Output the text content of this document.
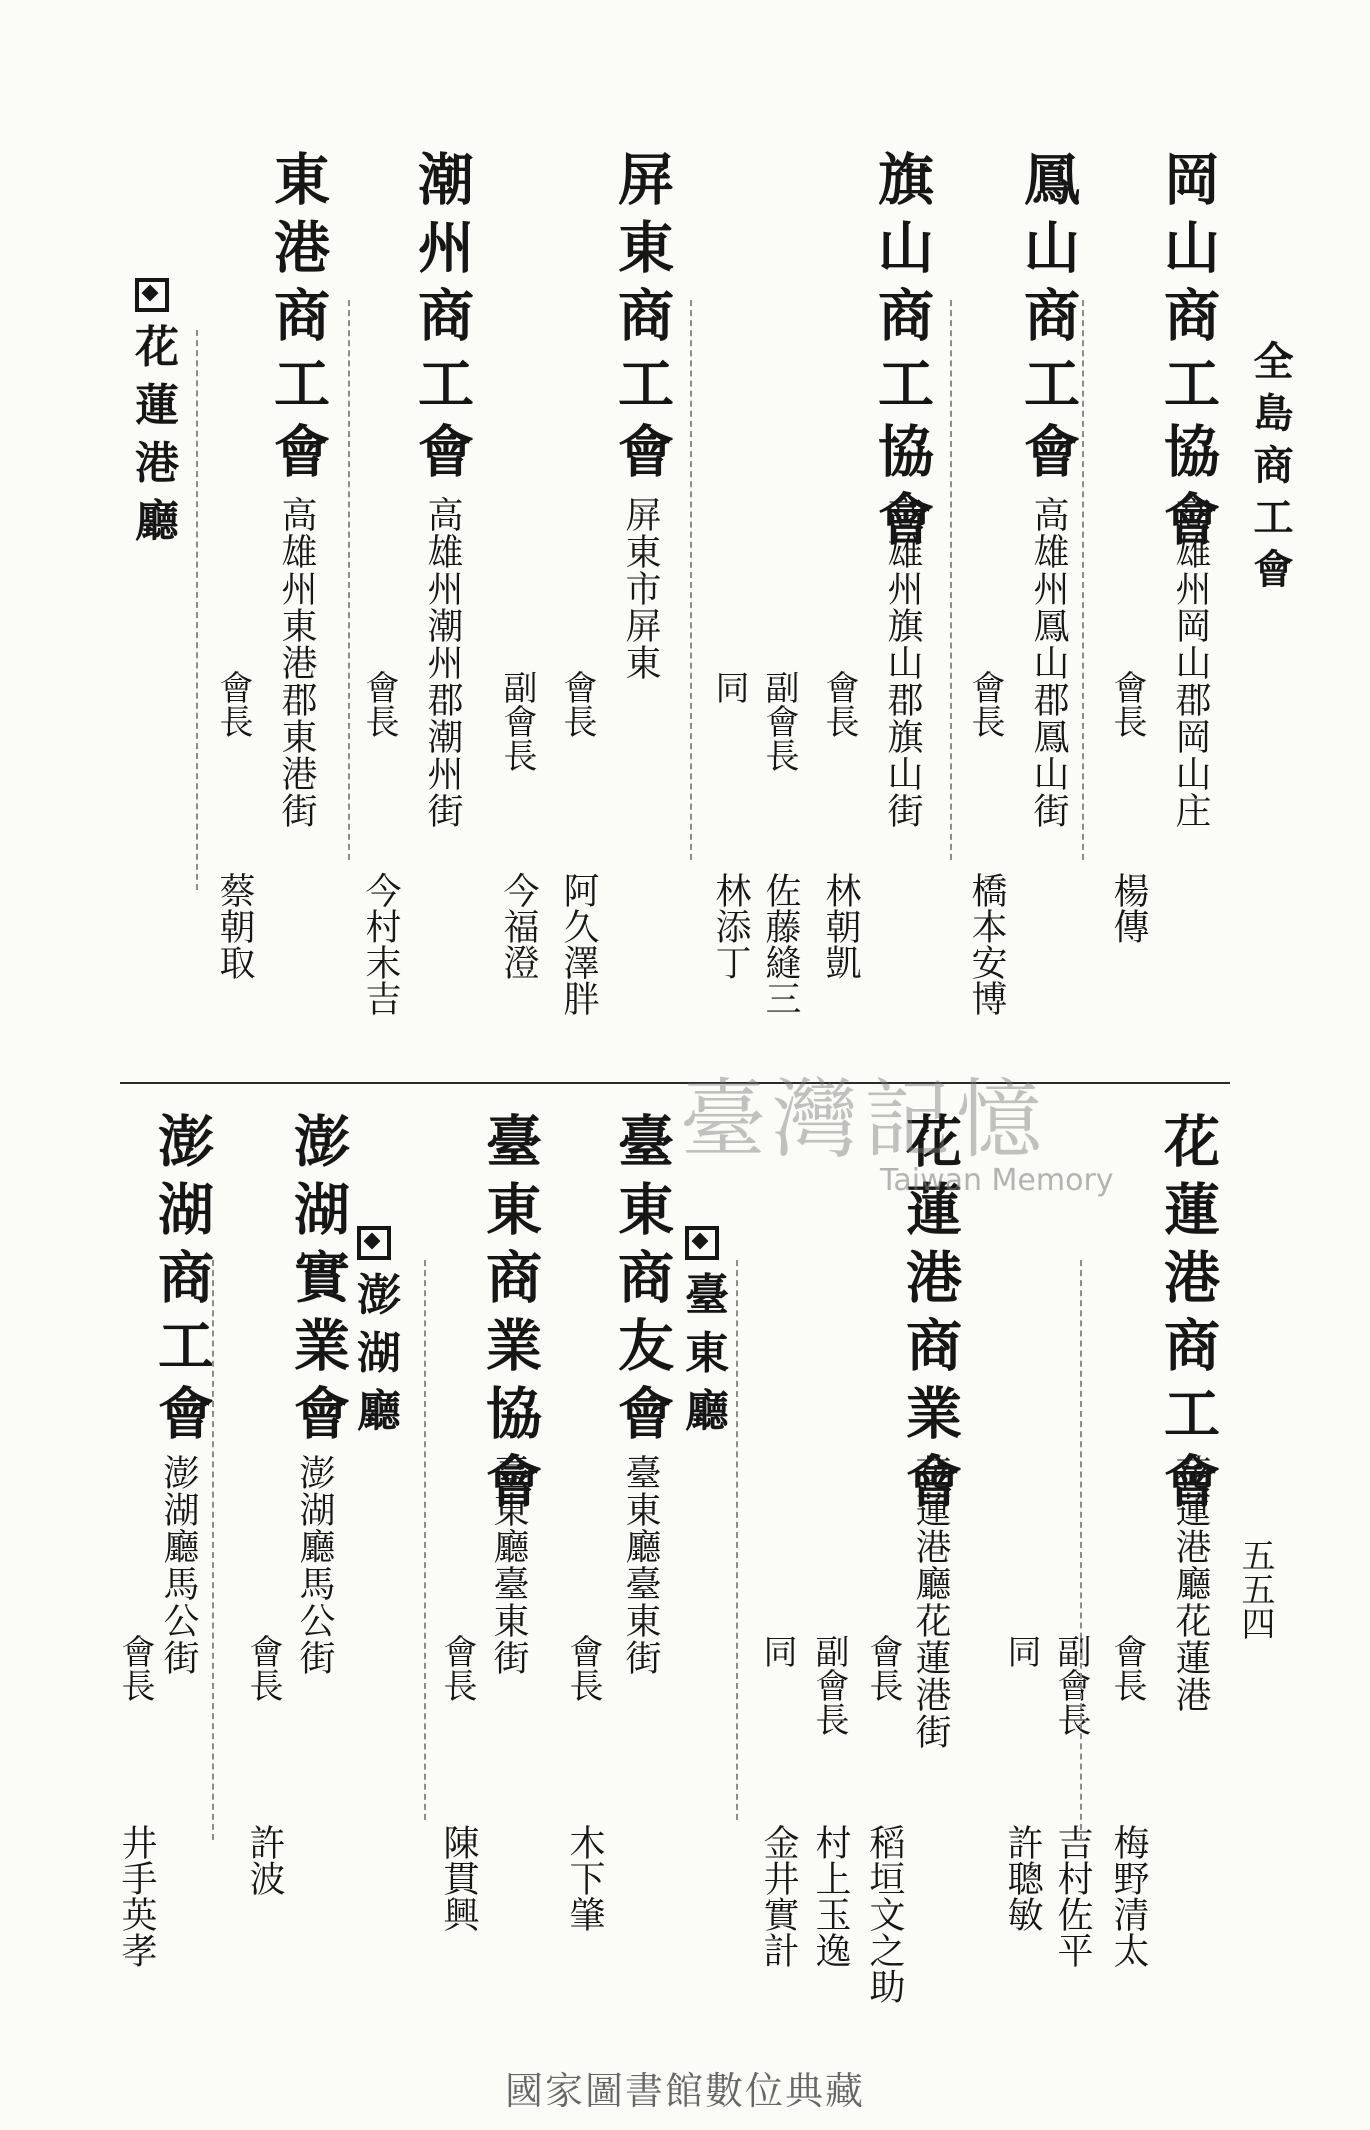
全島商工會
五五四
岡山商工協會
高雄州岡山郡岡山庄
會長
楊傳
鳳山商工會
高雄州鳳山郡鳳山街
會長
橋本安博
旗山商工協會
高雄州旗山郡旗山街
會長
林朝凱
副會長
佐藤縫三
同
林添丁
屏東商工會
屏東市屏東
會長
阿久澤胖
副會長
今福澄
潮州商工會
高雄州潮州郡潮州街
會長
今村末吉
東港商工會
高雄州東港郡東港街
會長
蔡朝取
花蓮港廳
花蓮港商工會
花蓮港廳花蓮港
會長
梅野清太
副會長
吉村佐平
同
許聰敏
花蓮港商業會
花蓮港廳花蓮港街
會長
稻垣文之助
副會長
村上玉逸
同
金井實計
臺東廳
臺東商友會
臺東廳臺東街
會長
木下肇
臺東商業協會
臺東廳臺東街
會長
陳貫興
澎湖廳
澎湖實業會
澎湖廳馬公街
會長
許波
澎湖商工會
澎湖廳馬公街
會長
井手英孝
臺灣記憶
Taiwan Memory
國家圖書館數位典藏
